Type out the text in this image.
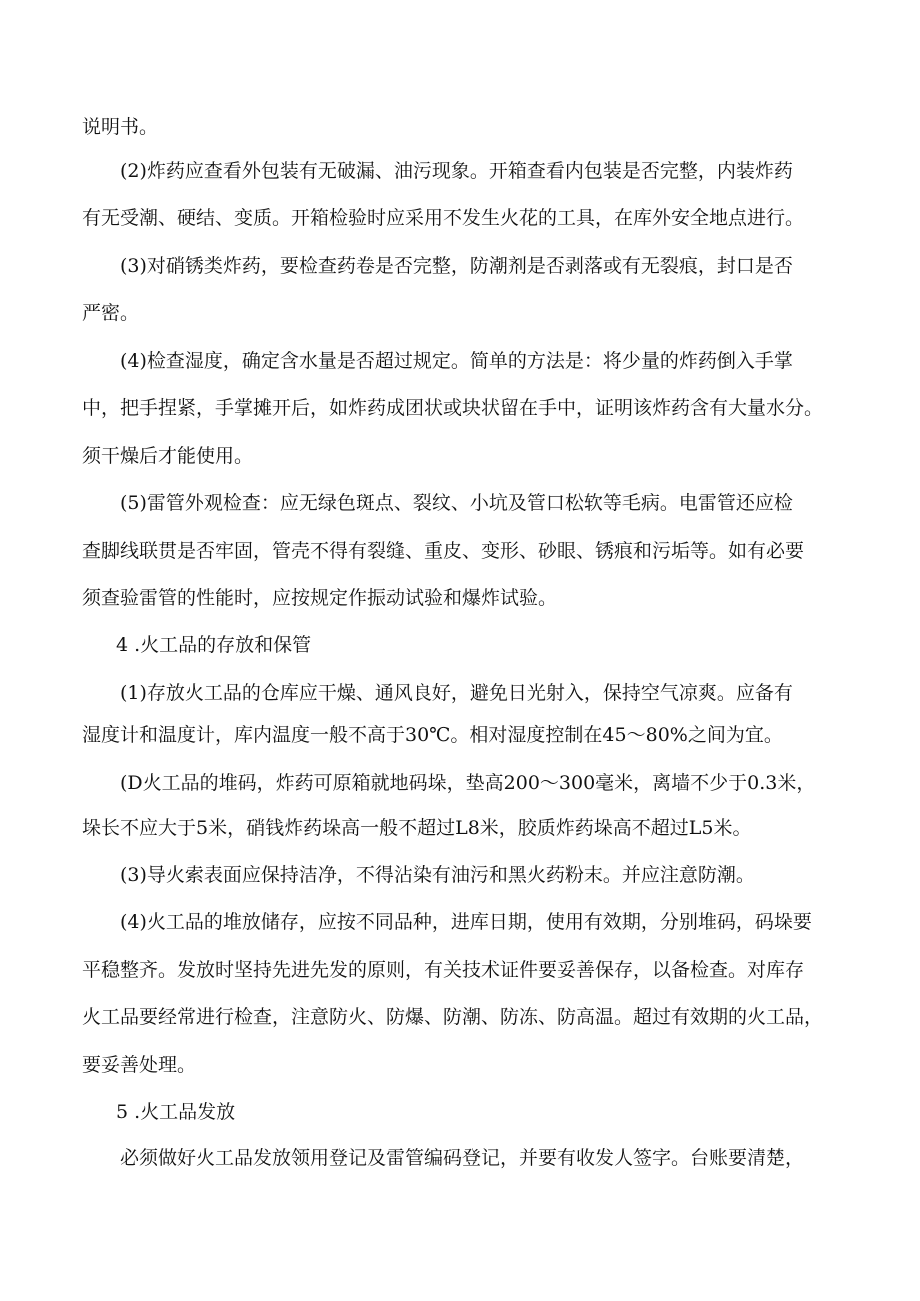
说明书。

(2)炸药应查看外包装有无破漏、油污现象。开箱查看内包装是否完整，内装炸药

有无受潮、硬结、变质。开箱检验时应采用不发生火花的工具，在库外安全地点进行。

(3)对硝锈类炸药，要检查药卷是否完整，防潮剂是否剥落或有无裂痕，封口是否

严密。

(4)检查湿度，确定含水量是否超过规定。简单的方法是：将少量的炸药倒入手掌

中，把手捏紧，手掌摊开后，如炸药成团状或块状留在手中，证明该炸药含有大量水分。

须干燥后才能使用。

(5)雷管外观检查：应无绿色斑点、裂纹、小坑及管口松软等毛病。电雷管还应检

查脚线联贯是否牢固，管壳不得有裂缝、重皮、变形、砂眼、锈痕和污垢等。如有必要

须查验雷管的性能时，应按规定作振动试验和爆炸试验。

4 .火工品的存放和保管

(1)存放火工品的仓库应干燥、通风良好，避免日光射入，保持空气凉爽。应备有

湿度计和温度计，库内温度一般不高于30℃。相对湿度控制在45～80%之间为宜。

(D火工品的堆码，炸药可原箱就地码垛，垫高200～300毫米，离墙不少于0.3米，

垛长不应大于5米，硝钱炸药垛高一般不超过L8米，胶质炸药垛高不超过L5米。

(3)导火索表面应保持洁净，不得沾染有油污和黑火药粉末。并应注意防潮。

(4)火工品的堆放储存，应按不同品种，进库日期，使用有效期，分别堆码，码垛要

平稳整齐。发放时坚持先进先发的原则，有关技术证件要妥善保存，以备检查。对库存

火工品要经常进行检查，注意防火、防爆、防潮、防冻、防高温。超过有效期的火工品，

要妥善处理。

5 .火工品发放

必须做好火工品发放领用登记及雷管编码登记，并要有收发人签字。台账要清楚，
